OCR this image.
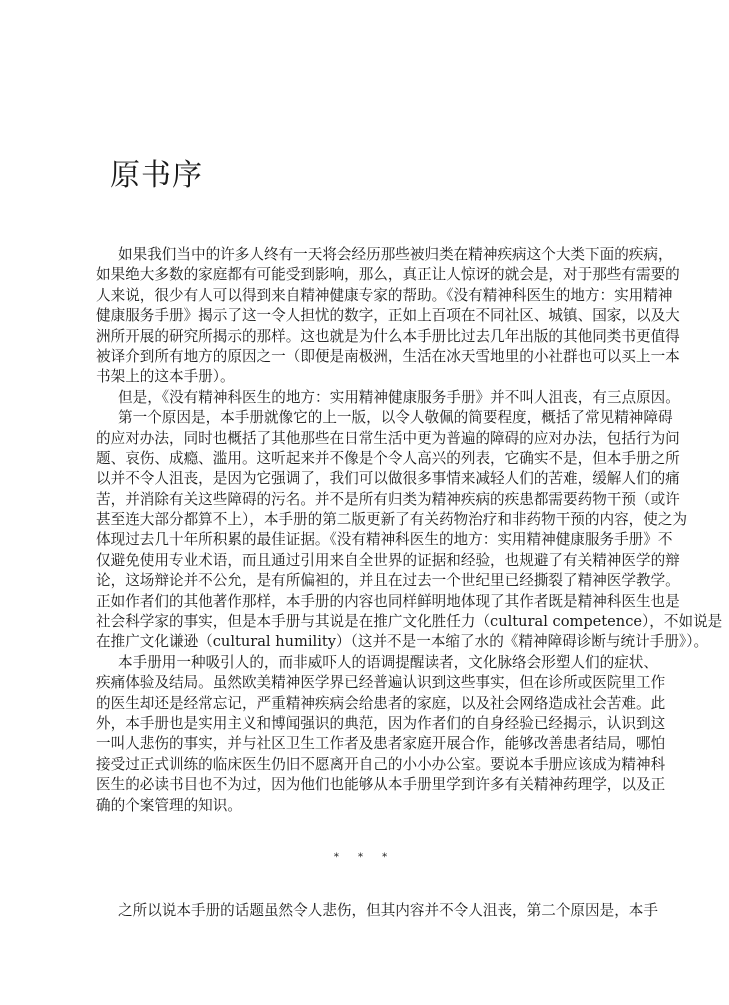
原书序
如果我们当中的许多人终有一天将会经历那些被归类在精神疾病这个大类下面的疾病，
如果绝大多数的家庭都有可能受到影响，那么，真正让人惊讶的就会是，对于那些有需要的
人来说，很少有人可以得到来自精神健康专家的帮助。《没有精神科医生的地方：实用精神
健康服务手册》揭示了这一令人担忧的数字，正如上百项在不同社区、城镇、国家，以及大
洲所开展的研究所揭示的那样。这也就是为什么本手册比过去几年出版的其他同类书更值得
被译介到所有地方的原因之一（即便是南极洲，生活在冰天雪地里的小社群也可以买上一本
书架上的这本手册）。
但是，《没有精神科医生的地方：实用精神健康服务手册》并不叫人沮丧，有三点原因。
第一个原因是，本手册就像它的上一版，以令人敬佩的简要程度，概括了常见精神障碍
的应对办法，同时也概括了其他那些在日常生活中更为普遍的障碍的应对办法，包括行为问
题、哀伤、成瘾、滥用。这听起来并不像是个令人高兴的列表，它确实不是，但本手册之所
以并不令人沮丧，是因为它强调了，我们可以做很多事情来减轻人们的苦难，缓解人们的痛
苦，并消除有关这些障碍的污名。并不是所有归类为精神疾病的疾患都需要药物干预（或许
甚至连大部分都算不上），本手册的第二版更新了有关药物治疗和非药物干预的内容，使之为
体现过去几十年所积累的最佳证据。《没有精神科医生的地方：实用精神健康服务手册》不
仅避免使用专业术语，而且通过引用来自全世界的证据和经验，也规避了有关精神医学的辩
论，这场辩论并不公允，是有所偏袒的，并且在过去一个世纪里已经撕裂了精神医学教学。
正如作者们的其他著作那样，本手册的内容也同样鲜明地体现了其作者既是精神科医生也是
社会科学家的事实，但是本手册与其说是在推广文化胜任力（cultural competence），不如说是
在推广文化谦逊（cultural humility）（这并不是一本缩了水的《精神障碍诊断与统计手册》）。
本手册用一种吸引人的，而非威吓人的语调提醒读者，文化脉络会形塑人们的症状、
疾痛体验及结局。虽然欧美精神医学界已经普遍认识到这些事实，但在诊所或医院里工作
的医生却还是经常忘记，严重精神疾病会给患者的家庭，以及社会网络造成社会苦难。此
外，本手册也是实用主义和博闻强识的典范，因为作者们的自身经验已经揭示，认识到这
一叫人悲伤的事实，并与社区卫生工作者及患者家庭开展合作，能够改善患者结局，哪怕
接受过正式训练的临床医生仍旧不愿离开自己的小小办公室。要说本手册应该成为精神科
医生的必读书目也不为过，因为他们也能够从本手册里学到许多有关精神药理学，以及正
确的个案管理的知识。
* * *
之所以说本手册的话题虽然令人悲伤，但其内容并不令人沮丧，第二个原因是，本手
